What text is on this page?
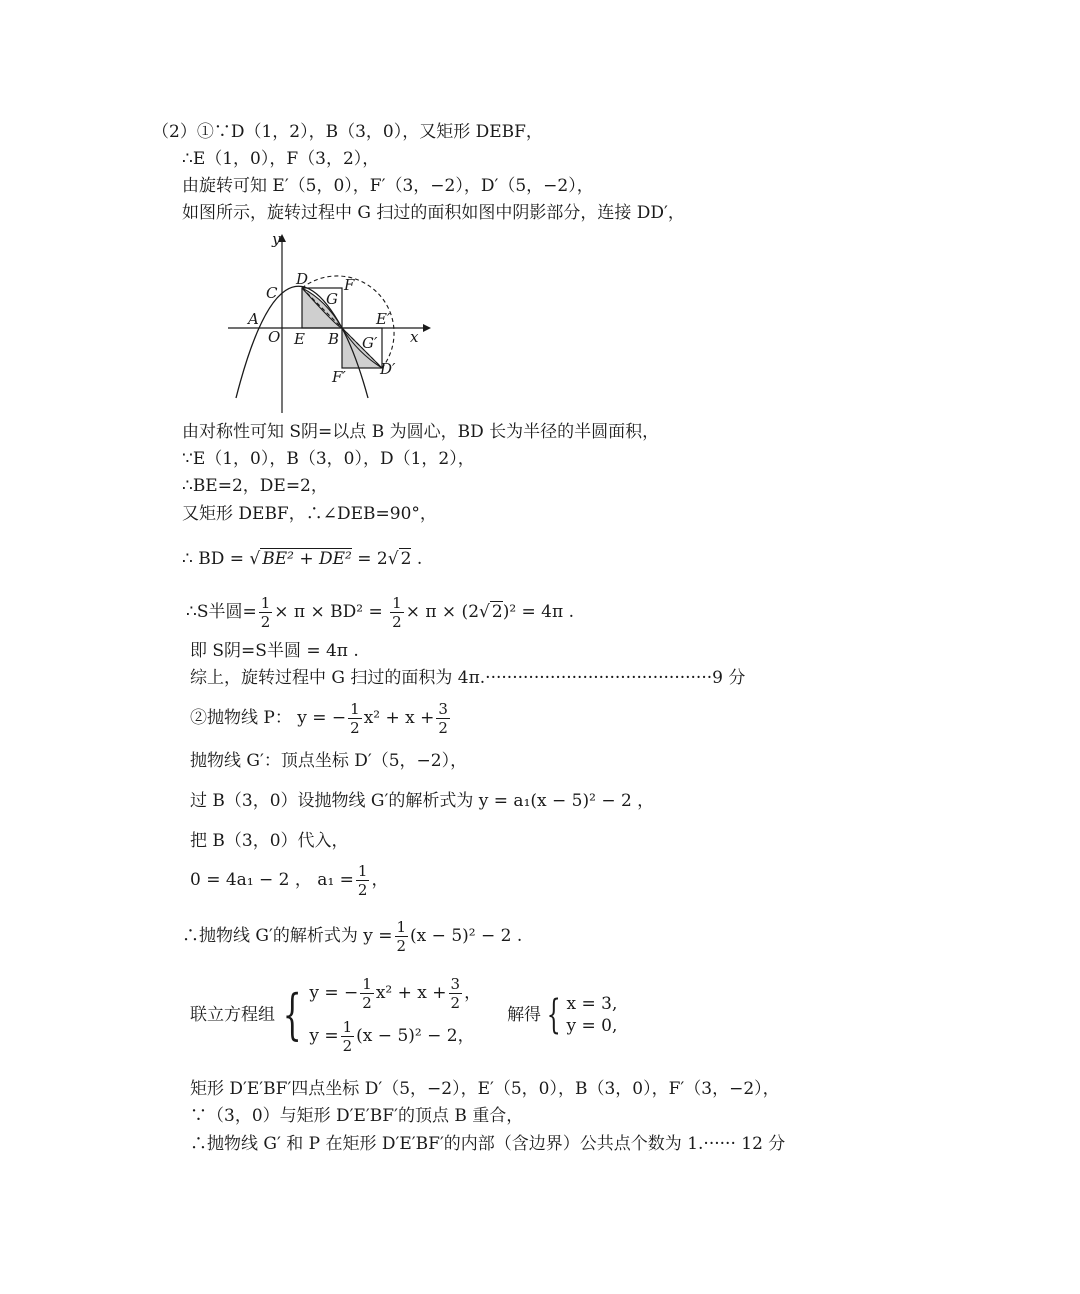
（2）①∵D（1，2），B（3，0），又矩形 DEBF，
∴E（1，0），F（3，2），
由旋转可知 E′（5，0），F′（3，−2），D′（5，−2），
如图所示，旋转过程中 G 扫过的面积如图中阴影部分，连接 DD′，
y
x
O
A
C
D F
G
E B
E′
G′
F′ D′
由对称性可知 S阴=以点 B 为圆心，BD 长为半径的半圆面积，
∵E（1，0），B（3，0），D（1，2），
∴BE=2，DE=2，
又矩形 DEBF，∴∠DEB=90°，
∴ BD = √ BE² + DE² = 2√ 2 .
∴S半圆= $\frac{1}{2} \times \pi \times BD^2 = \frac{1}{2} \times \pi \times (2√$ 2)² = 4π .
即 S阴=S半圆 = 4π .
综上，旋转过程中 G 扫过的面积为 4π.··········································9 分
②抛物线 P： y = − $\frac{1}{2} x^2 + x + \frac{3}{2}$
抛物线 G′：顶点坐标 D′（5，−2），
过 B（3，0）设抛物线 G′的解析式为 y = a₁(x − 5)² − 2 ，
把 B（3，0）代入，
0 = 4a₁ − 2 ， $a_1 = \frac{1}{2}$ ，
∴抛物线 G′的解析式为 $y = \frac{1}{2} (x - 5)^2 - 2$ .
联立方程组 { y = − $\frac{1}{2} x^2 + x + \frac{3}{2}$ ，
$y = \frac{1}{2} (x - 5)^2 - 2$，
解得 { x = 3,
y = 0,
矩形 D′E′BF′四点坐标 D′（5，−2），E′（5，0），B（3，0），F′（3，−2），
∵（3，0）与矩形 D′E′BF′的顶点 B 重合，
∴抛物线 G′ 和 P 在矩形 D′E′BF′的内部（含边界）公共点个数为 1.······ 12 分
